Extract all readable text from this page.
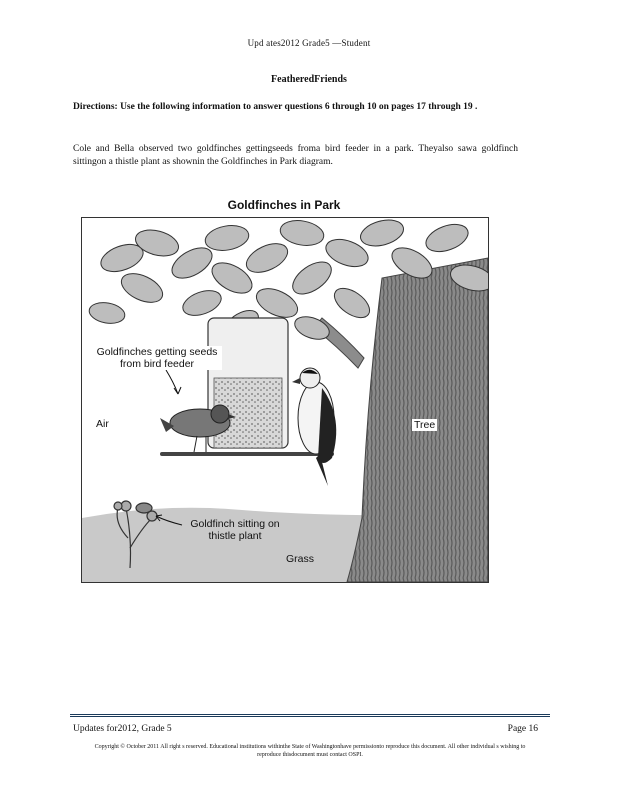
Upd ates2012 Grade5 —Student
FeatheredFriends
Directions: Use the following information to answer questions 6 through 10 on pages 17 through 19 .
Cole and Bella observed two goldfinches gettingseeds froma bird feeder in a park. Theyalso sawa goldfinch sittingon a thistle plant as shownin the Goldfinches in Park diagram.
Goldfinches in Park
Goldfinches getting seeds from bird feeder
Air	Tree
Goldfinch sitting on thistle plant
Grass
Updates for2012, Grade 5	Page 16
Copyright © October 2011 All right s reserved. Educational institutions withinthe State of Washingtonhave permissionto reproduce this document. All other individual s wishing to reproduce thisdocument must contact OSPI.
